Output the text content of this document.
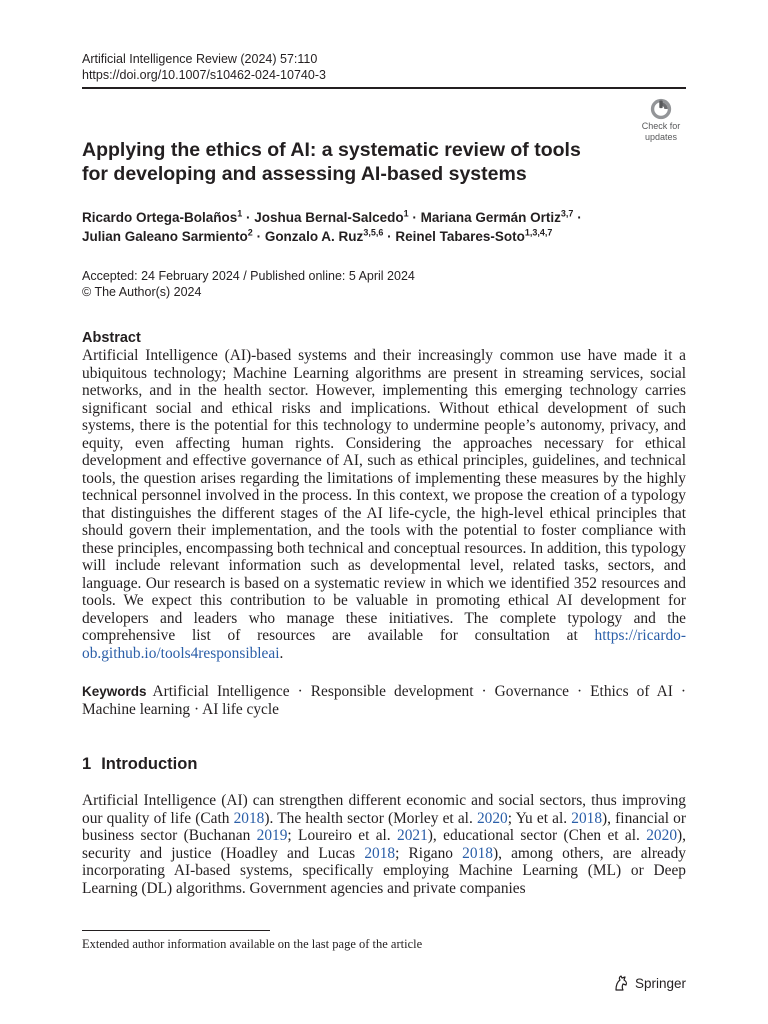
Artificial Intelligence Review (2024) 57:110
https://doi.org/10.1007/s10462-024-10740-3
Check for
updates
Applying the ethics of AI: a systematic review of tools
for developing and assessing AI-based systems
Ricardo Ortega-Bolaños$^1$ · Joshua Bernal-Salcedo$^1$ · Mariana Germán Ortiz$^{3,7}$ ·
Julian Galeano Sarmiento$^2$ · Gonzalo A. Ruz$^{3,5,6}$ · Reinel Tabares-Soto$^{1,3,4,7}$
Accepted: 24 February 2024 / Published online: 5 April 2024
© The Author(s) 2024
Abstract

Artificial Intelligence (AI)-based systems and their increasingly common use have made it a ubiquitous technology; Machine Learning algorithms are present in streaming services, social networks, and in the health sector. However, implementing this emerging technology carries significant social and ethical risks and implications. Without ethical development of such systems, there is the potential for this technology to undermine people’s autonomy, privacy, and equity, even affecting human rights. Considering the approaches necessary for ethical development and effective governance of AI, such as ethical principles, guidelines, and technical tools, the question arises regarding the limitations of implementing these measures by the highly technical personnel involved in the process. In this context, we propose the creation of a typology that distinguishes the different stages of the AI life-cycle, the high-level ethical principles that should govern their implementation, and the tools with the potential to foster compliance with these principles, encompassing both technical and conceptual resources. In addition, this typology will include relevant information such as developmental level, related tasks, sectors, and language. Our research is based on a systematic review in which we identified 352 resources and tools. We expect this contribution to be valuable in promoting ethical AI development for developers and leaders who manage these initiatives. The complete typology and the comprehensive list of resources are available for consultation at https://ricardo-ob.github.io/tools4responsibleai.

Keywords Artificial Intelligence · Responsible development · Governance · Ethics of AI · Machine learning · AI life cycle

1 Introduction

Artificial Intelligence (AI) can strengthen different economic and social sectors, thus improving our quality of life (Cath 2018). The health sector (Morley et al. 2020; Yu et al. 2018), financial or business sector (Buchanan 2019; Loureiro et al. 2021), educational sector (Chen et al. 2020), security and justice (Hoadley and Lucas 2018; Rigano 2018), among others, are already incorporating AI-based systems, specifically employing Machine Learning (ML) or Deep Learning (DL) algorithms. Government agencies and private companies

Extended author information available on the last page of the article
Springer
